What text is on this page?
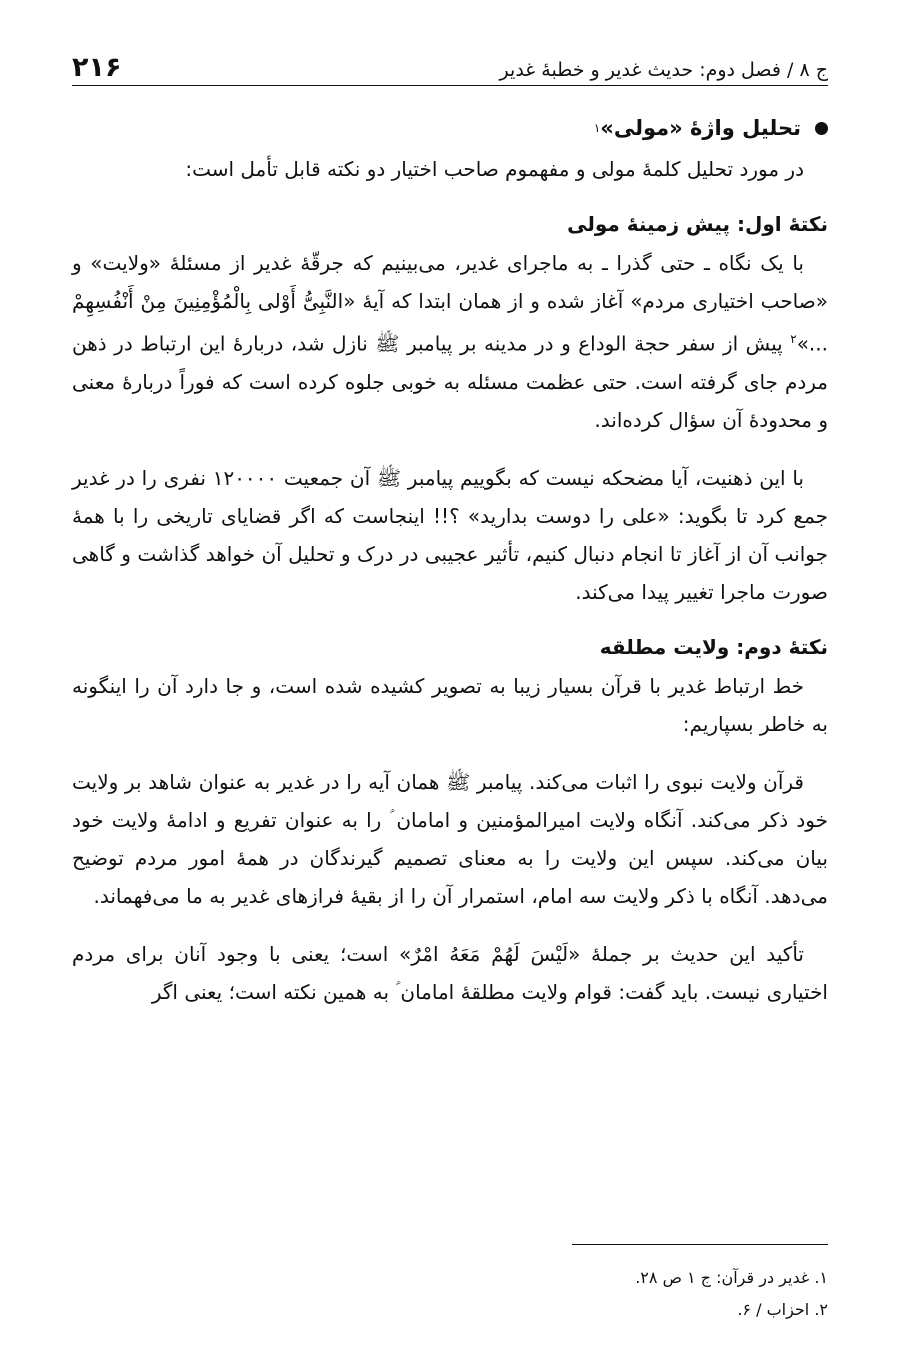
ج ۸ / فصل دوم: حدیث غدیر و خطبهٔ غدیر
۲۱۶
تحلیل واژهٔ «مولی»
۱

در مورد تحلیل کلمهٔ مولی و مفهموم صاحب اختیار دو نکته قابل تأمل است:

نکتهٔ اول: پیش زمینهٔ مولی

با یک نگاه ـ حتی گذرا ـ به ماجرای غدیر، می‌بینیم که جرقّهٔ غدیر از مسئلهٔ «ولایت» و «صاحب اختیاری مردم» آغاز شده و از همان ابتدا که آیهٔ «النَّبِیُّ أَوْلی بِالْمُؤْمِنِینَ مِنْ أَنْفُسِهِمْ ...»$^۲$ پیش از سفر حجة الوداع و در مدینه بر پیامبر ﷺ نازل شد، دربارهٔ این ارتباط در ذهن مردم جای گرفته است. حتی عظمت مسئله به خوبی جلوه کرده است که فوراً دربارهٔ معنی و محدودهٔ آن سؤال کرده‌اند.

با این ذهنیت، آیا مضحکه نیست که بگوییم پیامبر ﷺ آن جمعیت ۱۲۰۰۰۰ نفری را در غدیر جمع کرد تا بگوید: «علی را دوست بدارید» ؟!! اینجاست که اگر قضایای تاریخی را با همهٔ جوانب آن از آغاز تا انجام دنبال کنیم، تأثیر عجیبی در درک و تحلیل آن خواهد گذاشت و گاهی صورت ماجرا تغییر پیدا می‌کند.

نکتهٔ دوم: ولایت مطلقه

خط ارتباط غدیر با قرآن بسیار زیبا به تصویر کشیده شده است، و جا دارد آن را اینگونه به خاطر بسپاریم:

قرآن ولایت نبوی را اثبات می‌کند. پیامبر ﷺ همان آیه را در غدیر به عنوان شاهد بر ولایت خود ذکر می‌کند. آنگاه ولایت امیرالمؤمنین و امامان ؑ را به عنوان تفریع و ادامهٔ ولایت خود بیان می‌کند. سپس این ولایت را به معنای تصمیم گیرندگان در همهٔ امور مردم توضیح می‌دهد. آنگاه با ذکر ولایت سه امام، استمرار آن را از بقیهٔ فرازهای غدیر به ما می‌فهماند.

تأکید این حدیث بر جملهٔ «لَیْسَ لَهُمْ مَعَهُ امْرٌ» است؛ یعنی با وجود آنان برای مردم اختیاری نیست. باید گفت: قوام ولایت مطلقهٔ امامان ؑ به همین نکته است؛ یعنی اگر

۱. غدیر در قرآن: ج ۱ ص ۲۸.

۲. احزاب / ۶.
